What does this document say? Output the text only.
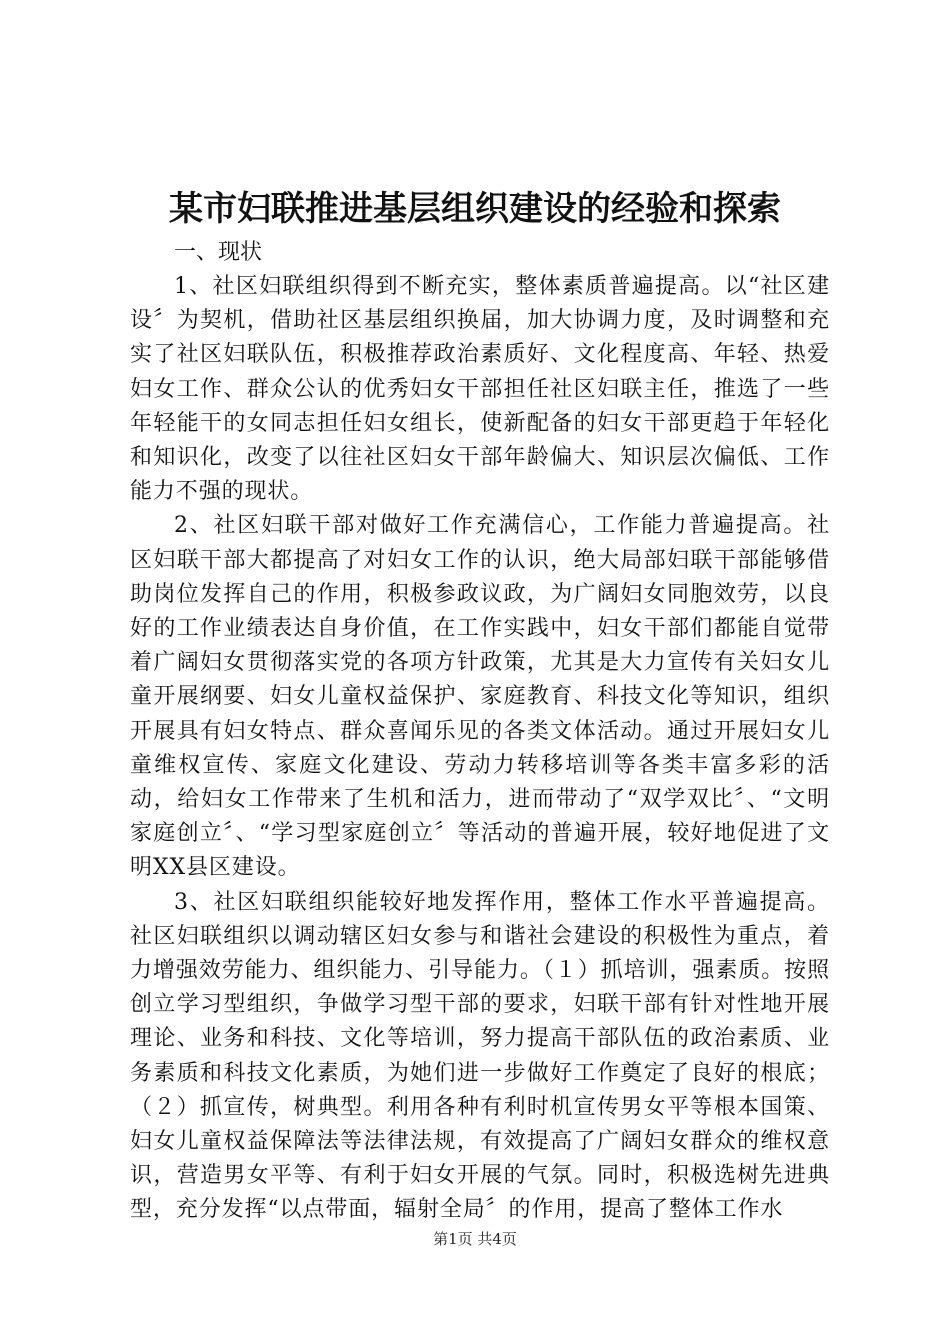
某市妇联推进基层组织建设的经验和探索

一、现状

1、社区妇联组织得到不断充实，整体素质普遍提高。以“社区建设〞为契机，借助社区基层组织换届，加大协调力度，及时调整和充实了社区妇联队伍，积极推荐政治素质好、文化程度高、年轻、热爱妇女工作、群众公认的优秀妇女干部担任社区妇联主任，推选了一些年轻能干的女同志担任妇女组长，使新配备的妇女干部更趋于年轻化和知识化，改变了以往社区妇女干部年龄偏大、知识层次偏低、工作能力不强的现状。

2、社区妇联干部对做好工作充满信心，工作能力普遍提高。社区妇联干部大都提高了对妇女工作的认识，绝大局部妇联干部能够借助岗位发挥自己的作用，积极参政议政，为广阔妇女同胞效劳，以良好的工作业绩表达自身价值，在工作实践中，妇女干部们都能自觉带着广阔妇女贯彻落实党的各项方针政策，尤其是大力宣传有关妇女儿童开展纲要、妇女儿童权益保护、家庭教育、科技文化等知识，组织开展具有妇女特点、群众喜闻乐见的各类文体活动。通过开展妇女儿童维权宣传、家庭文化建设、劳动力转移培训等各类丰富多彩的活动，给妇女工作带来了生机和活力，进而带动了“双学双比〞、“文明家庭创立〞、“学习型家庭创立〞等活动的普遍开展，较好地促进了文明XX县区建设。

3、社区妇联组织能较好地发挥作用，整体工作水平普遍提高。社区妇联组织以调动辖区妇女参与和谐社会建设的积极性为重点，着力增强效劳能力、组织能力、引导能力。（１）抓培训，强素质。按照创立学习型组织，争做学习型干部的要求，妇联干部有针对性地开展理论、业务和科技、文化等培训，努力提高干部队伍的政治素质、业务素质和科技文化素质，为她们进一步做好工作奠定了良好的根底；（２）抓宣传，树典型。利用各种有利时机宣传男女平等根本国策、妇女儿童权益保障法等法律法规，有效提高了广阔妇女群众的维权意识，营造男女平等、有利于妇女开展的气氛。同时，积极选树先进典型，充分发挥“以点带面，辐射全局〞的作用，提高了整体工作水

第1页 共4页
